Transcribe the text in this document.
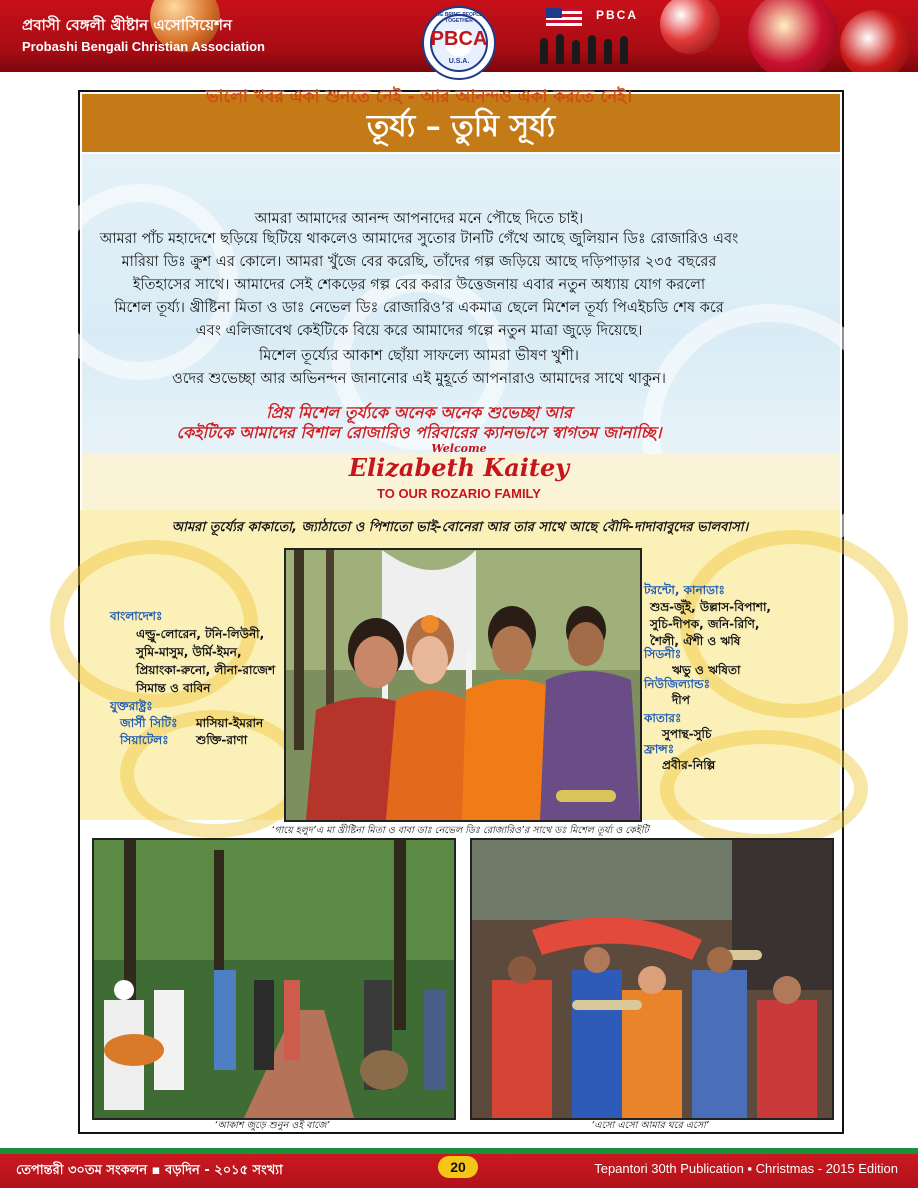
প্রবাসী বেঙ্গলী খ্রীষ্টান এসোসিয়েশন
Probashi Bengali Christian Association
PBCA
WE BRING PEOPLE TOGETHER
PBCA
U.S.A.
তূর্য্য – তুমি সূর্য্য
ভালো খবর একা শুনতে নেই - আর আনন্দও একা করতে নেই।
আমরা আমাদের আনন্দ আপনাদের মনে পৌছে দিতে চাই।
আমরা পাঁচ মহাদেশে ছড়িয়ে ছিটিয়ে থাকলেও আমাদের সুতোর টানটি গেঁথে আছে জুলিয়ান ডিঃ রোজারিও এবং
মারিয়া ডিঃ ক্রুশ এর কোলে। আমরা খুঁজে বের করেছি, তাঁদের গল্প জড়িয়ে আছে দড়িপাড়ার ২৩৫ বছরের
ইতিহাসের সাথে। আমাদের সেই শেকড়ের গল্প বের করার উত্তেজনায় এবার নতুন অধ্যায় যোগ করলো
মিশেল তূর্য্য। খ্রীষ্টিনা মিতা ও ডাঃ নেভেল ডিঃ রোজারিও’র একমাত্র ছেলে মিশেল তূর্য্য পিএইচডি শেষ করে
এবং এলিজাবেথ কেইটিকে বিয়ে করে আমাদের গল্পে নতুন মাত্রা জুড়ে দিয়েছে।
মিশেল তূর্য্যের আকাশ ছোঁয়া সাফল্যে আমরা ভীষণ খুশী।
ওদের শুভেচ্ছা আর অভিনন্দন জানানোর এই মুহূর্তে আপনারাও আমাদের সাথে থাকুন।
প্রিয় মিশেল তূর্য্যকে অনেক অনেক শুভেচ্ছা আর
কেইটিকে আমাদের বিশাল রোজারিও পরিবারের ক্যানভাসে স্বাগতম জানাচ্ছি।
Welcome
Elizabeth Kaitey
TO OUR ROZARIO FAMILY
আমরা তূর্য্যের কাকাতো, জ্যাঠাতো ও পিশাতো ভাই-বোনেরা আর তার সাথে আছে বৌদি-দাদাবাবুদের ভালবাসা।
বাংলাদেশঃ
এল্ড্রু-লোরেন, টনি-লিউনী,
সুমি-মাসুম, উর্মি-ইমন,
প্রিয়াংকা-রুনো, লীনা-রাজেশ
সিমান্ত ও বাবিন
যুক্তরাষ্ট্রঃ
জার্সী সিটিঃ মাসিয়া-ইমরান
সিয়াটেলঃ শুক্তি-রাণা
টরন্টো, কানাডাঃ
শুভ্র-জুঁই, উল্লাস-বিপাশা,
সুচি-দীপক, জনি-রিণি,
শৈলী, ঐশী ও ঋষি
সিডনীঃ
ঋভু ও ঋষিতা
নিউজিল্যান্ডঃ
দীপ
কাতারঃ
সুপান্থ-সুচি
ফ্রান্সঃ
প্রবীর-নিল্পি
‘গায়ে হলুদ’এ মা খ্রীষ্টিনা মিতা ও বাবা ডাঃ নেভেল ডিঃ রোজারিও’র সাথে ডঃ মিশেল তূর্য্য ও কেইটি
‘আকাশ জুড়ে শুনুন ওই বাজে’	‘এসো এসো আমার ঘরে এসো’
তেপান্তরী ৩০তম সংকলন ▪ বড়দিন - ২০১৫ সংখ্যা	20	Tepantori 30th Publication ▪ Christmas - 2015 Edition
